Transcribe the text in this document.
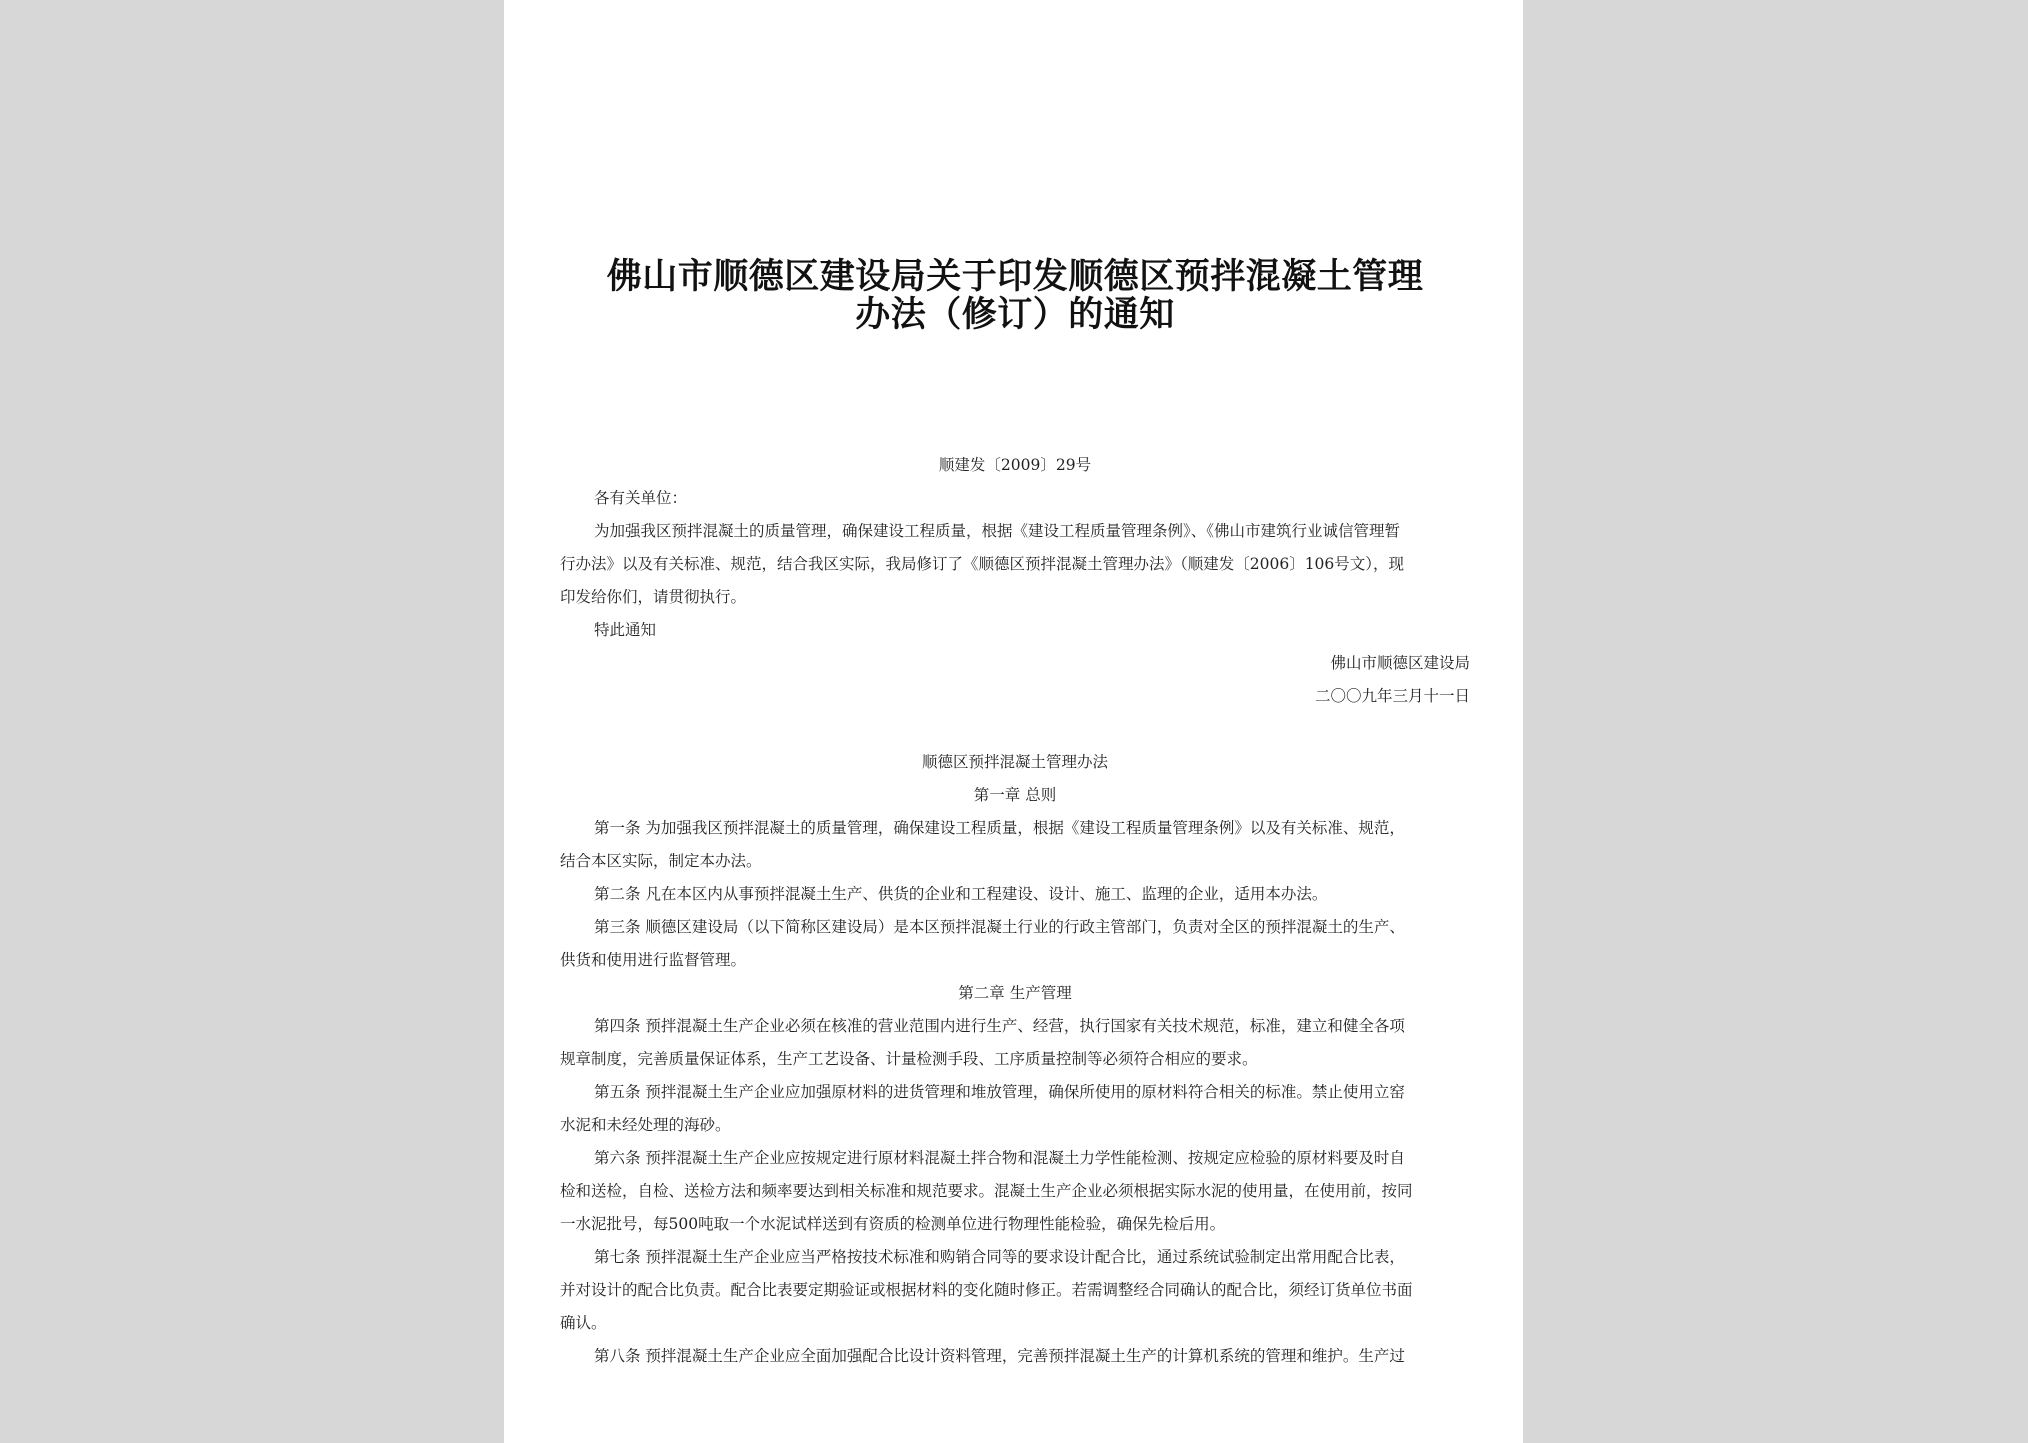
佛山市顺德区建设局关于印发顺德区预拌混凝土管理
办法（修订）的通知
顺建发〔2009〕29号
各有关单位：
为加强我区预拌混凝土的质量管理，确保建设工程质量，根据《建设工程质量管理条例》、《佛山市建筑行业诚信管理暂
行办法》以及有关标准、规范，结合我区实际，我局修订了《顺德区预拌混凝土管理办法》（顺建发〔2006〕106号文），现
印发给你们，请贯彻执行。
特此通知
佛山市顺德区建设局
二〇〇九年三月十一日
顺德区预拌混凝土管理办法
第一章 总则
第一条 为加强我区预拌混凝土的质量管理，确保建设工程质量，根据《建设工程质量管理条例》以及有关标准、规范，
结合本区实际，制定本办法。
第二条 凡在本区内从事预拌混凝土生产、供货的企业和工程建设、设计、施工、监理的企业，适用本办法。
第三条 顺德区建设局（以下简称区建设局）是本区预拌混凝土行业的行政主管部门，负责对全区的预拌混凝土的生产、
供货和使用进行监督管理。
第二章 生产管理
第四条 预拌混凝土生产企业必须在核准的营业范围内进行生产、经营，执行国家有关技术规范，标准，建立和健全各项
规章制度，完善质量保证体系，生产工艺设备、计量检测手段、工序质量控制等必须符合相应的要求。
第五条 预拌混凝土生产企业应加强原材料的进货管理和堆放管理，确保所使用的原材料符合相关的标准。禁止使用立窑
水泥和未经处理的海砂。
第六条 预拌混凝土生产企业应按规定进行原材料混凝土拌合物和混凝土力学性能检测、按规定应检验的原材料要及时自
检和送检，自检、送检方法和频率要达到相关标准和规范要求。混凝土生产企业必须根据实际水泥的使用量，在使用前，按同
一水泥批号，每500吨取一个水泥试样送到有资质的检测单位进行物理性能检验，确保先检后用。
第七条 预拌混凝土生产企业应当严格按技术标准和购销合同等的要求设计配合比，通过系统试验制定出常用配合比表，
并对设计的配合比负责。配合比表要定期验证或根据材料的变化随时修正。若需调整经合同确认的配合比，须经订货单位书面
确认。
第八条 预拌混凝土生产企业应全面加强配合比设计资料管理，完善预拌混凝土生产的计算机系统的管理和维护。生产过
